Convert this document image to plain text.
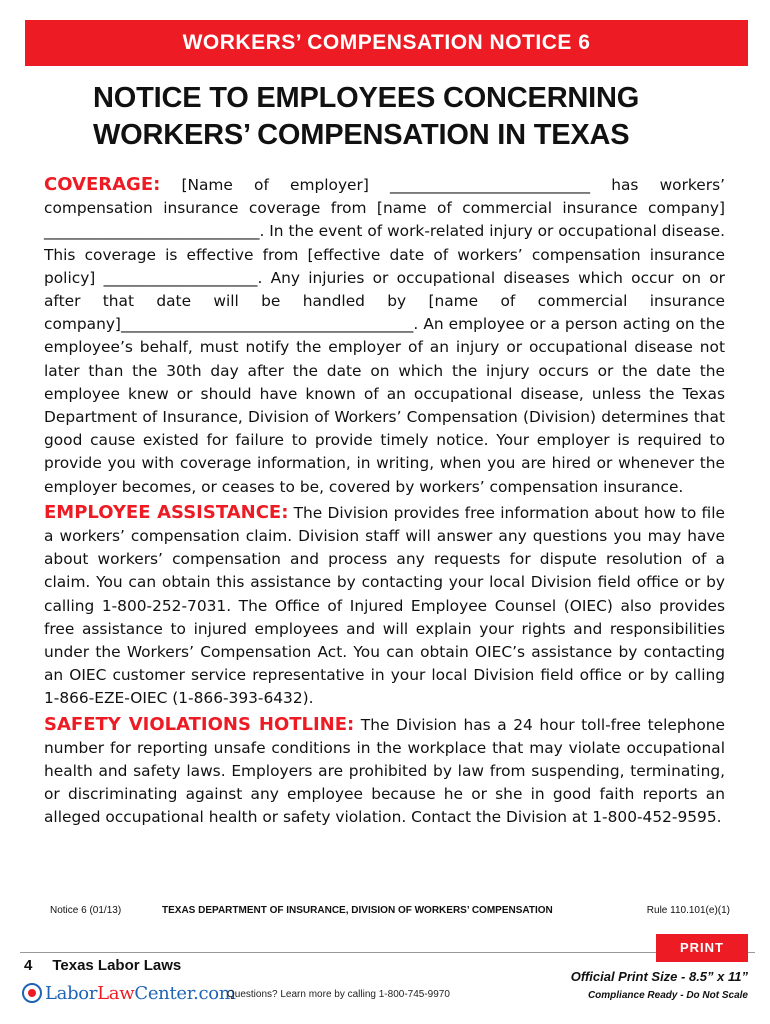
WORKERS’ COMPENSATION NOTICE 6
NOTICE TO EMPLOYEES CONCERNING
WORKERS’ COMPENSATION IN TEXAS

COVERAGE: [Name of employer] __________________________ has workers’ compensation insurance coverage from [name of commercial insurance company] ____________________________. In the event of work-related injury or occupational disease. This coverage is effective from [effective date of workers’ compensation insurance policy] ____________________. Any injuries or occupational diseases which occur on or after that date will be handled by [name of commercial insurance company]______________________________________. An employee or a person acting on the employee’s behalf, must notify the employer of an injury or occupational disease not later than the 30th day after the date on which the injury occurs or the date the employee knew or should have known of an occupational disease, unless the Texas Department of Insurance, Division of Workers’ Compensation (Division) determines that good cause existed for failure to provide timely notice. Your employer is required to provide you with coverage information, in writing, when you are hired or whenever the employer becomes, or ceases to be, covered by workers’ compensation insurance.

EMPLOYEE ASSISTANCE: The Division provides free information about how to file a workers’ compensation claim. Division staff will answer any questions you may have about workers’ compensation and process any requests for dispute resolution of a claim. You can obtain this assistance by contacting your local Division field office or by calling 1-800-252-7031. The Office of Injured Employee Counsel (OIEC) also provides free assistance to injured employees and will explain your rights and responsibilities under the Workers’ Compensation Act. You can obtain OIEC’s assistance by contacting an OIEC customer service representative in your local Division field office or by calling 1-866-EZE-OIEC (1-866-393-6432).

SAFETY VIOLATIONS HOTLINE: The Division has a 24 hour toll-free telephone number for reporting unsafe conditions in the workplace that may violate occupational health and safety laws. Employers are prohibited by law from suspending, terminating, or discriminating against any employee because he or she in good faith reports an alleged occupational health or safety violation. Contact the Division at 1-800-452-9595.

Notice 6 (01/13)	TEXAS DEPARTMENT OF INSURANCE, DIVISION OF WORKERS’ COMPENSATION	Rule 110.101(e)(1)
PRINT
4 Texas Labor Laws
Labor Law Center.com
Questions? Learn more by calling 1-800-745-9970
Official Print Size - 8.5” x 11”
Compliance Ready - Do Not Scale
